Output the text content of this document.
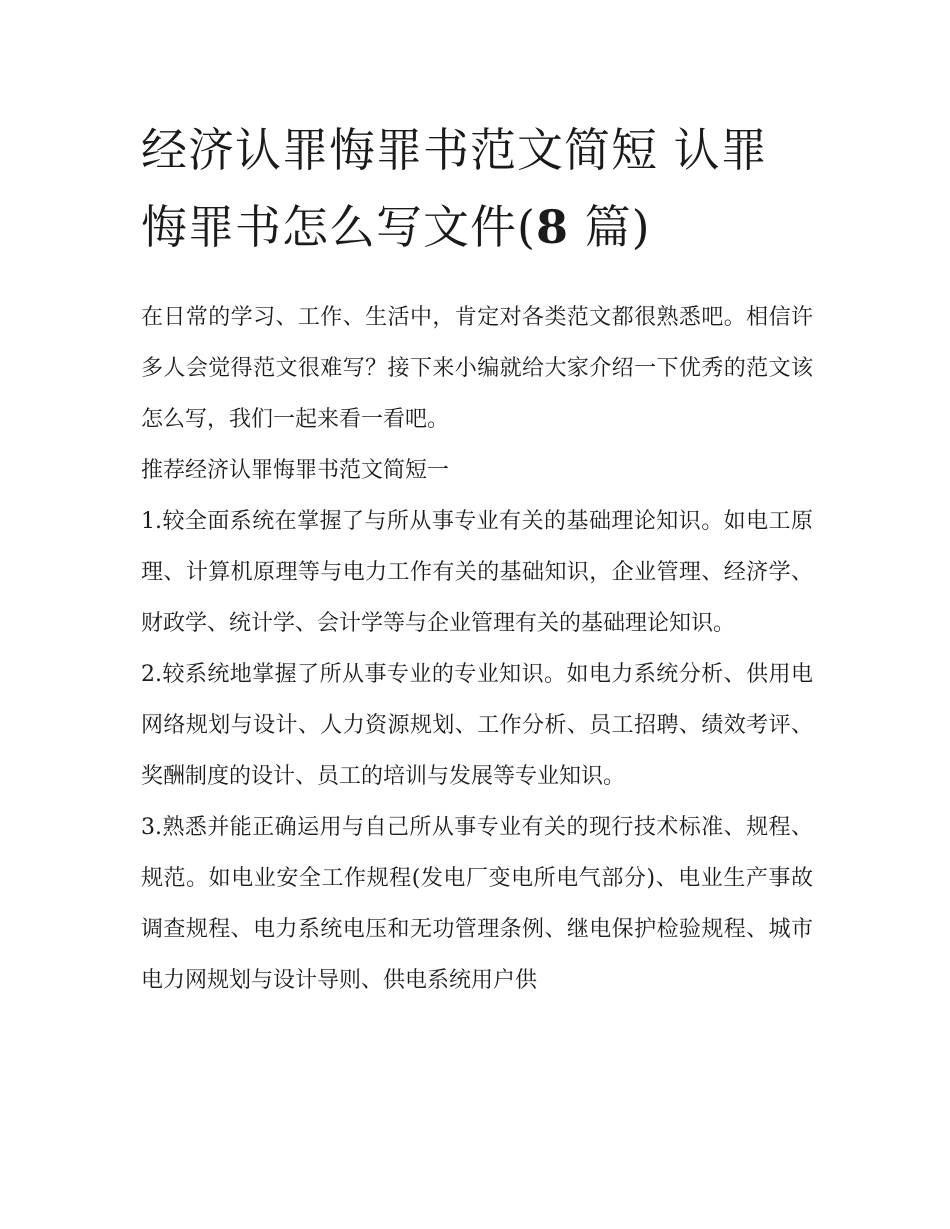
经济认罪悔罪书范文简短 认罪悔罪书怎么写文件(8 篇)

在日常的学习、工作、生活中，肯定对各类范文都很熟悉吧。相信许多人会觉得范文很难写？接下来小编就给大家介绍一下优秀的范文该怎么写，我们一起来看一看吧。

推荐经济认罪悔罪书范文简短一

1.较全面系统在掌握了与所从事专业有关的基础理论知识。如电工原理、计算机原理等与电力工作有关的基础知识，企业管理、经济学、财政学、统计学、会计学等与企业管理有关的基础理论知识。

2.较系统地掌握了所从事专业的专业知识。如电力系统分析、供用电网络规划与设计、人力资源规划、工作分析、员工招聘、绩效考评、奖酬制度的设计、员工的培训与发展等专业知识。

3.熟悉并能正确运用与自己所从事专业有关的现行技术标准、规程、规范。如电业安全工作规程(发电厂变电所电气部分)、电业生产事故调查规程、电力系统电压和无功管理条例、继电保护检验规程、城市电力网规划与设计导则、供电系统用户供
